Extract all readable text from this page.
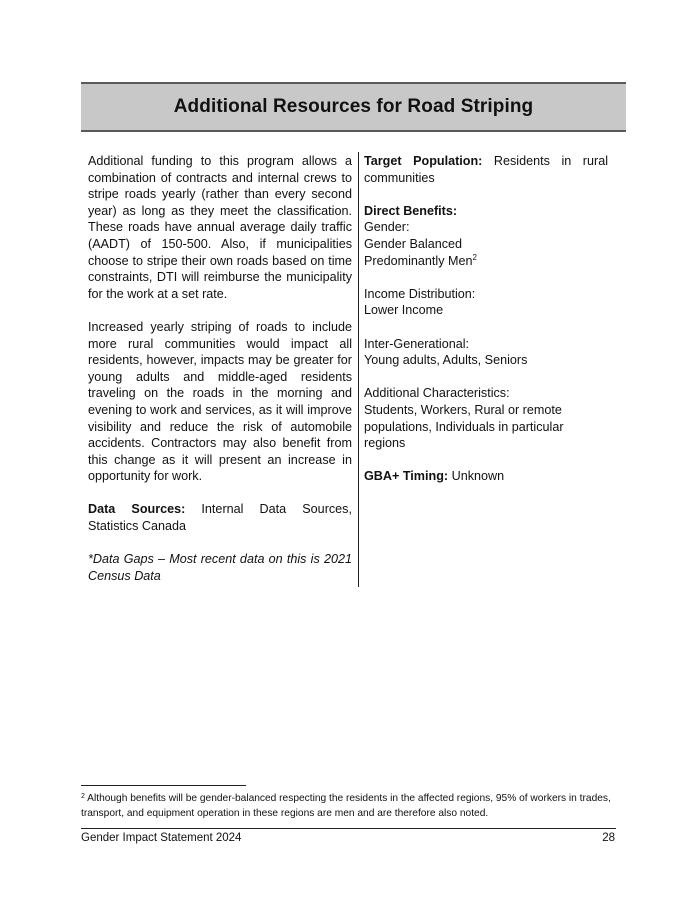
Additional Resources for Road Striping

Additional funding to this program allows a combination of contracts and internal crews to stripe roads yearly (rather than every second year) as long as they meet the classification. These roads have annual average daily traffic (AADT) of 150-500. Also, if municipalities choose to stripe their own roads based on time constraints, DTI will reimburse the municipality for the work at a set rate.

Increased yearly striping of roads to include more rural communities would impact all residents, however, impacts may be greater for young adults and middle-aged residents traveling on the roads in the morning and evening to work and services, as it will improve visibility and reduce the risk of automobile accidents. Contractors may also benefit from this change as it will present an increase in opportunity for work.

Data Sources: Internal Data Sources, Statistics Canada

*Data Gaps – Most recent data on this is 2021 Census Data

Target Population: Residents in rural communities

Direct Benefits:
Gender:
Gender Balanced
Predominantly Men$^2$

Income Distribution:
Lower Income

Inter-Generational:
Young adults, Adults, Seniors

Additional Characteristics:
Students, Workers, Rural or remote populations, Individuals in particular regions

GBA+ Timing: Unknown

$^2$ Although benefits will be gender-balanced respecting the residents in the affected regions, 95% of workers in trades, transport, and equipment operation in these regions are men and are therefore also noted.
Gender Impact Statement 2024	28
